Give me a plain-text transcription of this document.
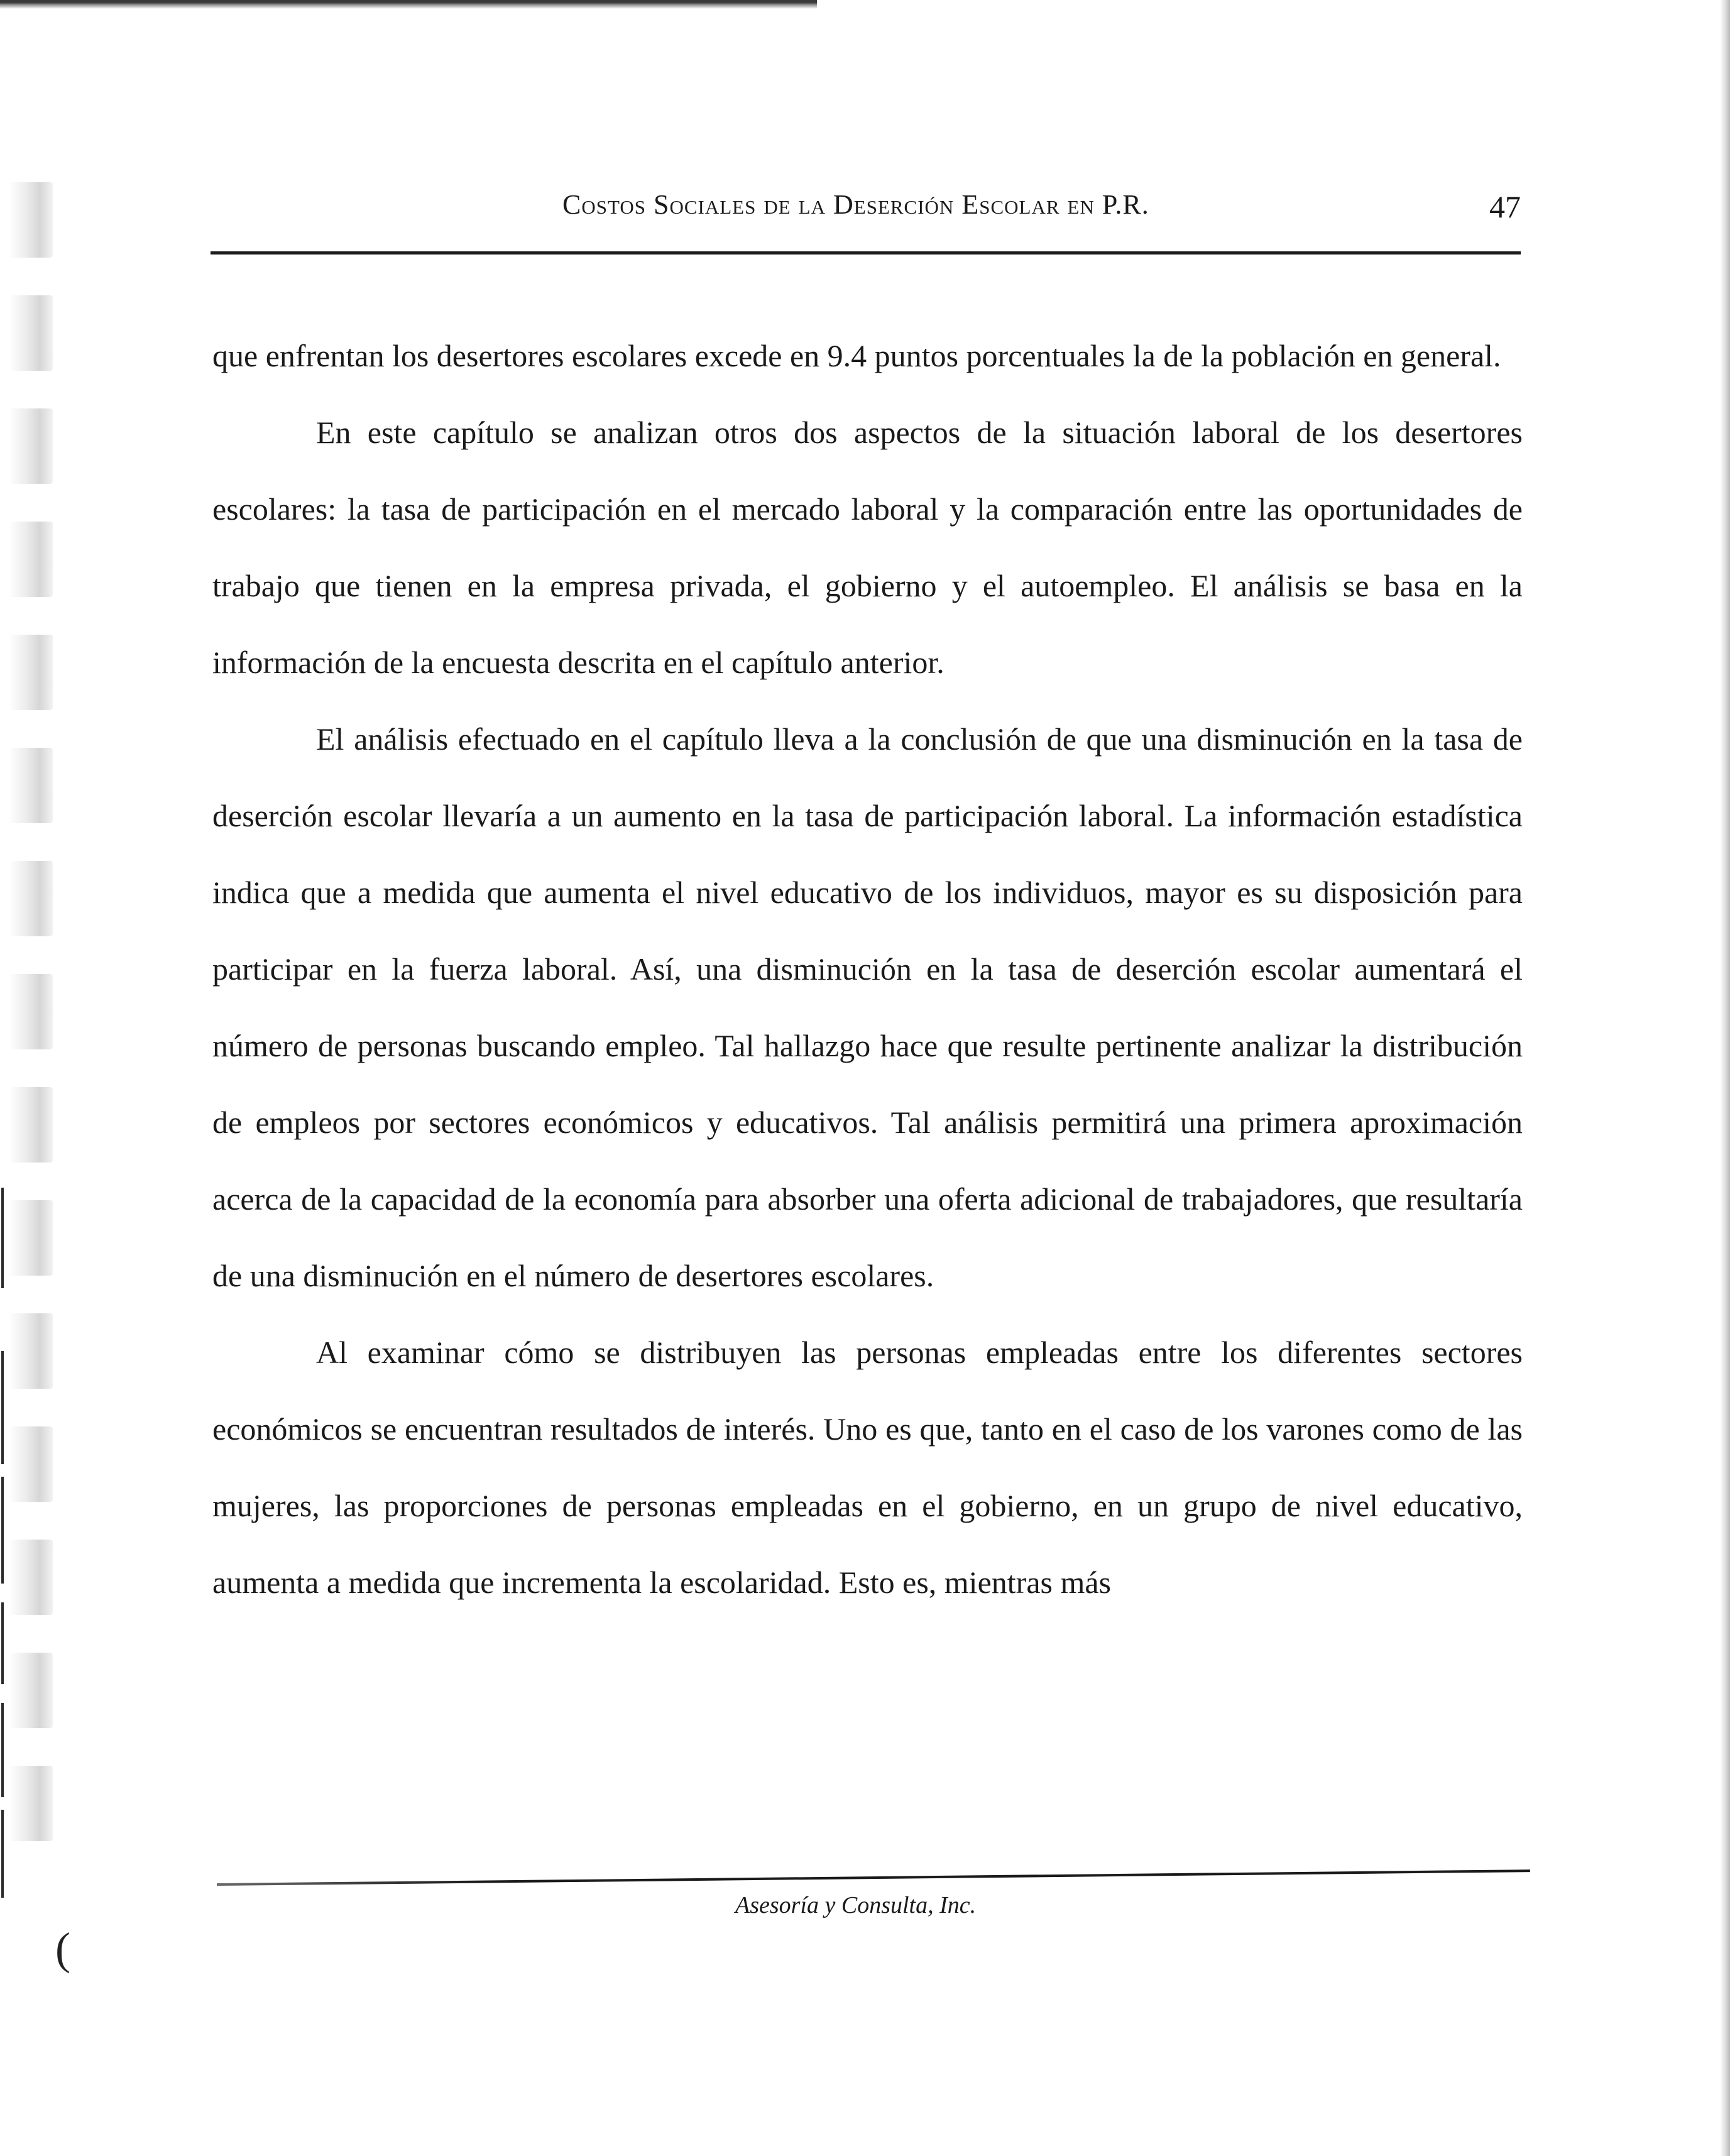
Costos Sociales de la Deserción Escolar en P.R.	47

que enfrentan los desertores escolares excede en 9.4 puntos porcentuales la de la población en general.

En este capítulo se analizan otros dos aspectos de la situación laboral de los desertores escolares: la tasa de participación en el mercado laboral y la comparación entre las oportunidades de trabajo que tienen en la empresa privada, el gobierno y el autoempleo. El análisis se basa en la información de la encuesta descrita en el capítulo anterior.

El análisis efectuado en el capítulo lleva a la conclusión de que una disminución en la tasa de deserción escolar llevaría a un aumento en la tasa de participación laboral. La información estadística indica que a medida que aumenta el nivel educativo de los individuos, mayor es su disposición para participar en la fuerza laboral. Así, una disminución en la tasa de deserción escolar aumentará el número de personas buscando empleo. Tal hallazgo hace que resulte pertinente analizar la distribución de empleos por sectores económicos y educativos. Tal análisis permitirá una primera aproximación acerca de la capacidad de la economía para absorber una oferta adicional de trabajadores, que resultaría de una disminución en el número de desertores escolares.

Al examinar cómo se distribuyen las personas empleadas entre los diferentes sectores económicos se encuentran resultados de interés. Uno es que, tanto en el caso de los varones como de las mujeres, las proporciones de personas empleadas en el gobierno, en un grupo de nivel educativo, aumenta a medida que incrementa la escolaridad. Esto es, mientras más

Asesoría y Consulta, Inc.
(
